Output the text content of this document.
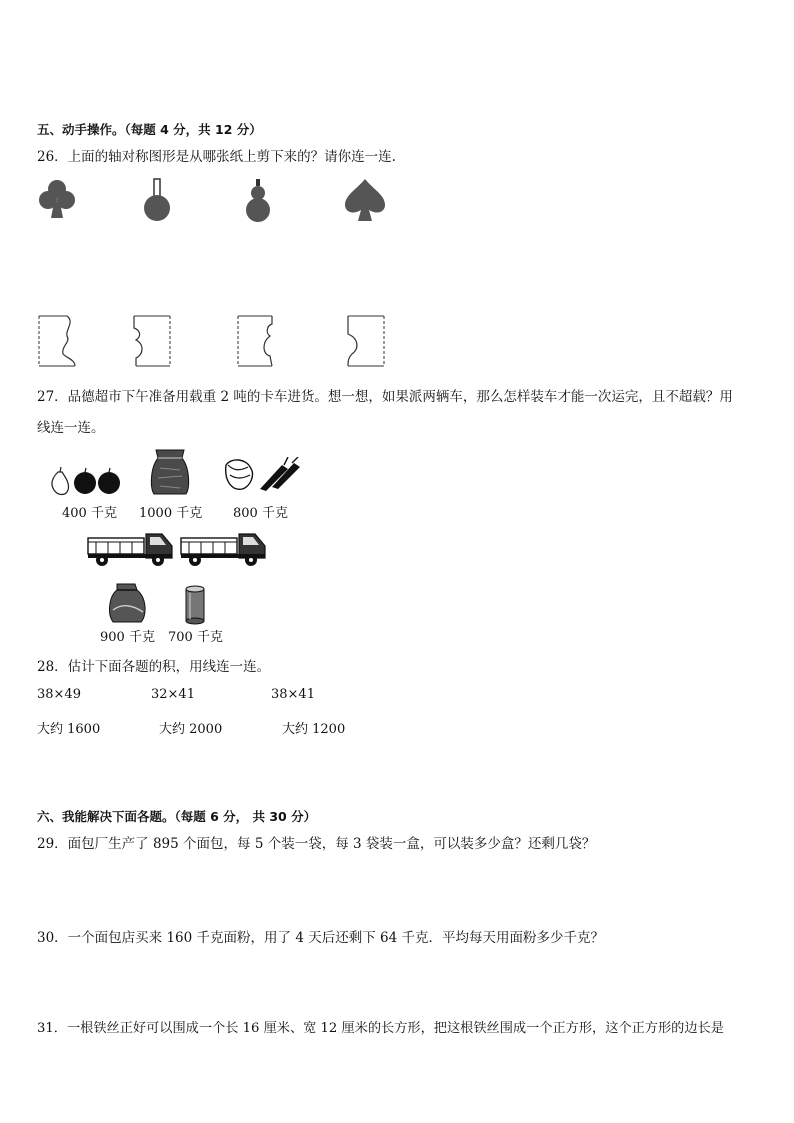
五、动手操作。（每题 4 分，共 12 分）
26．上面的轴对称图形是从哪张纸上剪下来的？请你连一连.
27．品德超市下午准备用载重 2 吨的卡车进货。想一想，如果派两辆车，那么怎样装车才能一次运完，且不超载？用
线连一连。
400 千克 1000 千克 800 千克
900 千克 700 千克
28．估计下面各题的积，用线连一连。
38×49	32×41	38×41
大约 1600	大约 2000	大约 1200
六、我能解决下面各题。（每题 6 分， 共 30 分）
29．面包厂生产了 895 个面包，每 5 个装一袋，每 3 袋装一盒，可以装多少盒？还剩几袋？
30．一个面包店买来 160 千克面粉，用了 4 天后还剩下 64 千克．平均每天用面粉多少千克？
31．一根铁丝正好可以围成一个长 16 厘米、宽 12 厘米的长方形，把这根铁丝围成一个正方形，这个正方形的边长是
